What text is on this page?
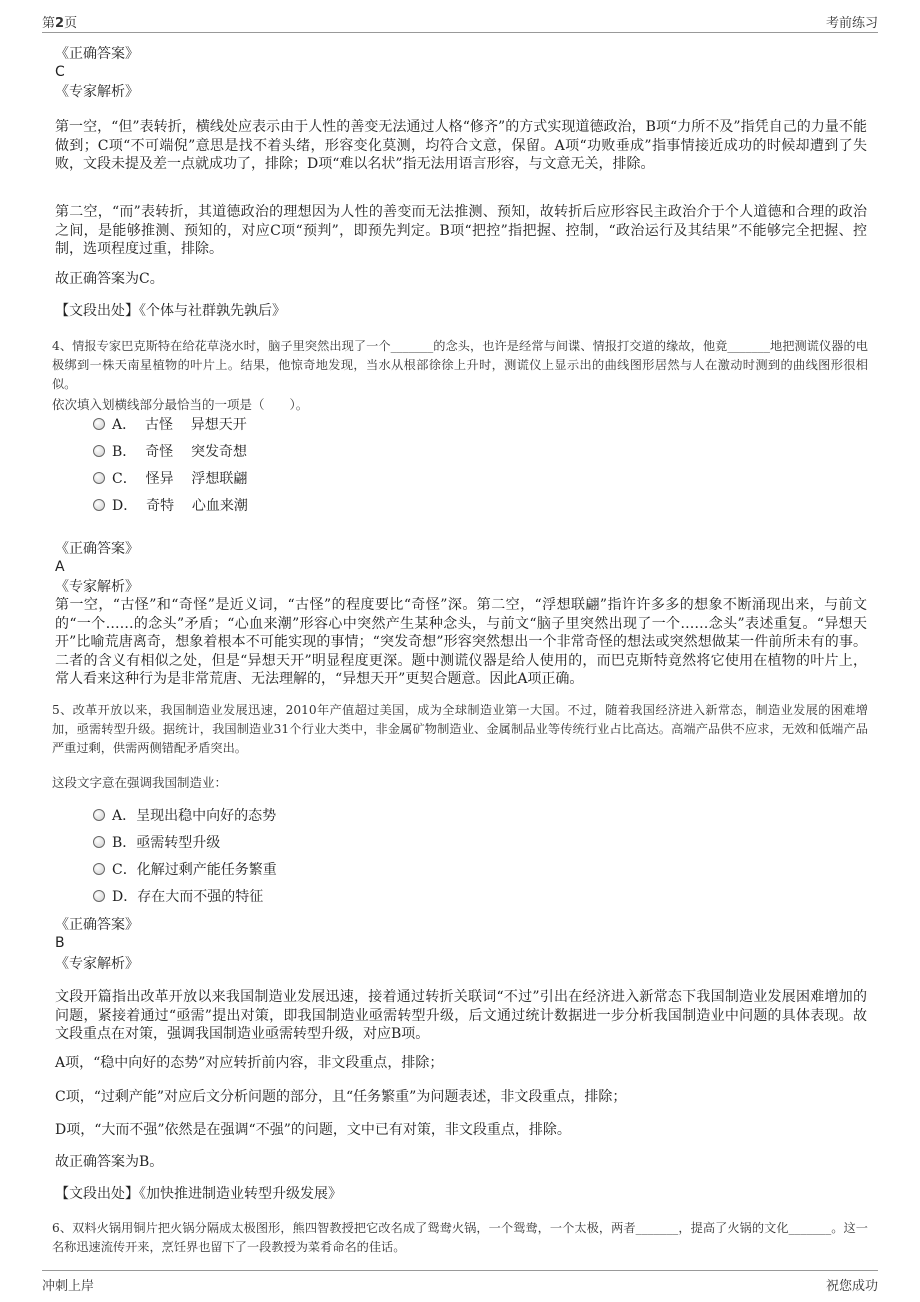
第2页	考前练习
《正确答案》
C
《专家解析》
第一空，“但”表转折，横线处应表示由于人性的善变无法通过人格“修齐”的方式实现道德政治，B项“力所不及”指凭自己的力量不能做到；C项“不可端倪”意思是找不着头绪，形容变化莫测，均符合文意，保留。A项“功败垂成”指事情接近成功的时候却遭到了失败，文段未提及差一点就成功了，排除；D项“难以名状”指无法用语言形容，与文意无关，排除。
第二空，“而”表转折，其道德政治的理想因为人性的善变而无法推测、预知，故转折后应形容民主政治介于个人道德和合理的政治之间，是能够推测、预知的，对应C项“预判”，即预先判定。B项“把控”指把握、控制，“政治运行及其结果”不能够完全把握、控制，选项程度过重，排除。
故正确答案为C。
【文段出处】《个体与社群孰先孰后》
4、情报专家巴克斯特在给花草浇水时，脑子里突然出现了一个_______的念头，也许是经常与间谍、情报打交道的缘故，他竟_______地把测谎仪器的电极绑到一株天南星植物的叶片上。结果，他惊奇地发现，当水从根部徐徐上升时，测谎仪上显示出的曲线图形居然与人在激动时测到的曲线图形很相似。
依次填入划横线部分最恰当的一项是（　　）。
A．  古怪    异想天开
B．  奇怪    突发奇想
C．  怪异    浮想联翩
D．  奇特    心血来潮
《正确答案》
A
《专家解析》
第一空，“古怪”和“奇怪”是近义词，“古怪”的程度要比“奇怪”深。第二空，“浮想联翩”指许许多多的想象不断涌现出来，与前文的“一个……的念头”矛盾；“心血来潮”形容心中突然产生某种念头，与前文“脑子里突然出现了一个……念头”表述重复。“异想天开”比喻荒唐离奇，想象着根本不可能实现的事情；“突发奇想”形容突然想出一个非常奇怪的想法或突然想做某一件前所未有的事。二者的含义有相似之处，但是“异想天开”明显程度更深。题中测谎仪器是给人使用的，而巴克斯特竟然将它使用在植物的叶片上，常人看来这种行为是非常荒唐、无法理解的，“异想天开”更契合题意。因此A项正确。
5、改革开放以来，我国制造业发展迅速，2010年产值超过美国，成为全球制造业第一大国。不过，随着我国经济进入新常态，制造业发展的困难增加，亟需转型升级。据统计，我国制造业31个行业大类中，非金属矿物制造业、金属制品业等传统行业占比高达。高端产品供不应求，无效和低端产品严重过剩，供需两侧错配矛盾突出。
这段文字意在强调我国制造业：
A．呈现出稳中向好的态势
B．亟需转型升级
C．化解过剩产能任务繁重
D．存在大而不强的特征
《正确答案》
B
《专家解析》
文段开篇指出改革开放以来我国制造业发展迅速，接着通过转折关联词“不过”引出在经济进入新常态下我国制造业发展困难增加的问题，紧接着通过“亟需”提出对策，即我国制造业亟需转型升级，后文通过统计数据进一步分析我国制造业中问题的具体表现。故文段重点在对策，强调我国制造业亟需转型升级，对应B项。
A项，“稳中向好的态势”对应转折前内容，非文段重点，排除；
C项，“过剩产能”对应后文分析问题的部分，且“任务繁重”为问题表述，非文段重点，排除；
D项，“大而不强”依然是在强调“不强”的问题，文中已有对策，非文段重点，排除。
故正确答案为B。
【文段出处】《加快推进制造业转型升级发展》
6、双料火锅用铜片把火锅分隔成太极图形，熊四智教授把它改名成了鸳鸯火锅，一个鸳鸯，一个太极，两者_______，提高了火锅的文化_______。这一名称迅速流传开来，烹饪界也留下了一段教授为菜肴命名的佳话。
冲刺上岸	祝您成功
